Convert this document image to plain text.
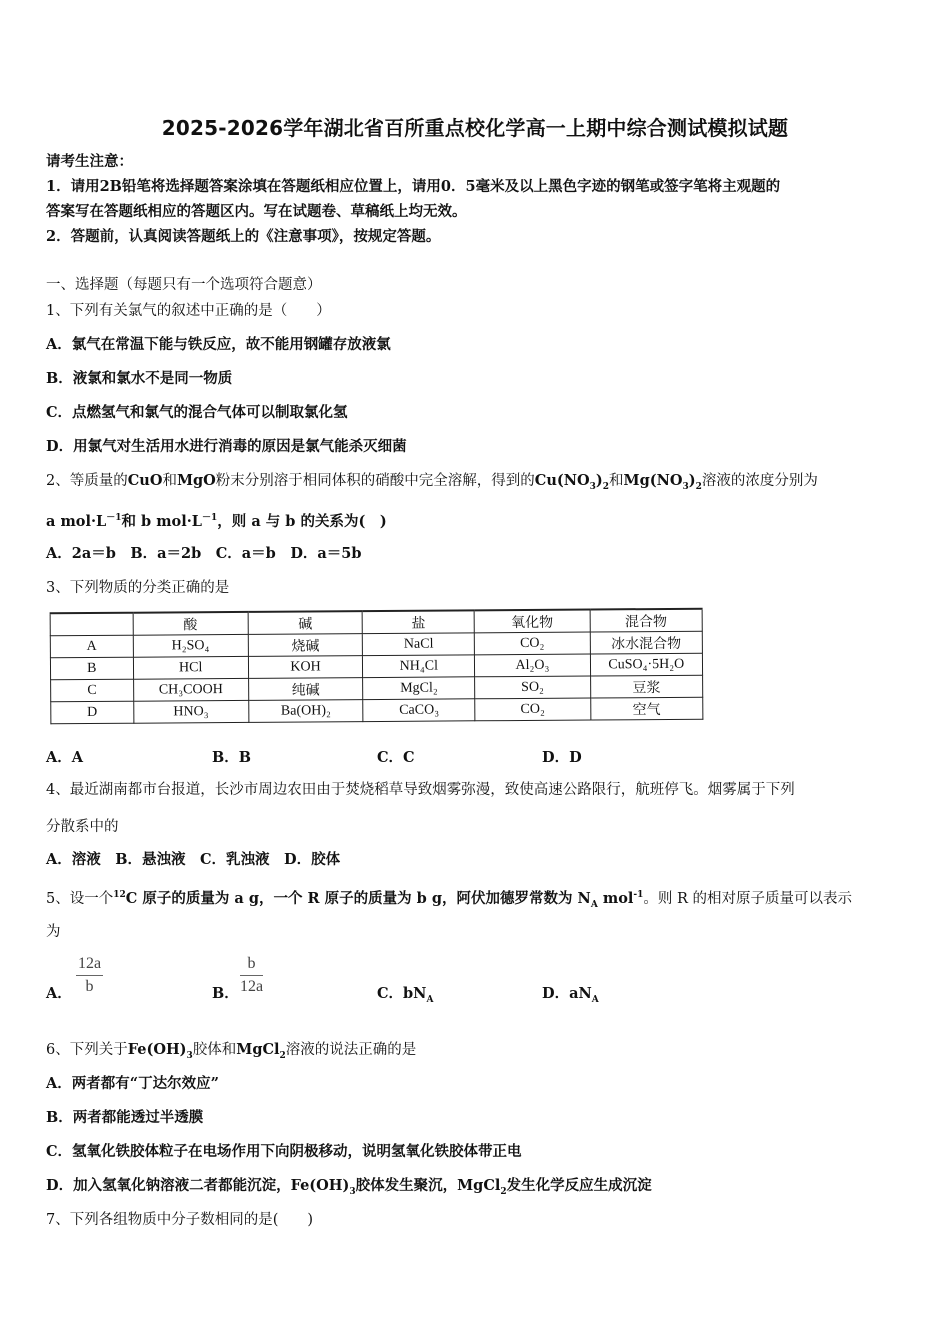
2025-2026学年湖北省百所重点校化学高一上期中综合测试模拟试题
请考生注意：
1．请用2B铅笔将选择题答案涂填在答题纸相应位置上，请用0．5毫米及以上黑色字迹的钢笔或签字笔将主观题的
答案写在答题纸相应的答题区内。写在试题卷、草稿纸上均无效。
2．答题前，认真阅读答题纸上的《注意事项》，按规定答题。
一、选择题（每题只有一个选项符合题意）
1、下列有关氯气的叙述中正确的是（　　）
A．氯气在常温下能与铁反应，故不能用钢罐存放液氯
B．液氯和氯水不是同一物质
C．点燃氢气和氯气的混合气体可以制取氯化氢
D．用氯气对生活用水进行消毒的原因是氯气能杀灭细菌
2、等质量的CuO和MgO粉末分别溶于相同体积的硝酸中完全溶解，得到的$Cu(NO_3)_2$和$Mg(NO_3)_2$溶液的浓度分别为
a $mol\cdot L^{-1}$和 b $mol\cdot L^{-1}$，则 a 与 b 的关系为(　)
A．2a＝b　B．a＝2b　C．a＝b　D．a＝5b
3、下列物质的分类正确的是
	酸	碱	盐	氧化物	混合物
A	H₂SO₄	烧碱	NaCl	CO₂	冰水混合物
B	HCl	KOH	NH₄Cl	Al₂O₃	CuSO₄·5H₂O
C	CH₃COOH	纯碱	MgCl₂	SO₂	豆浆
D	HNO₃	Ba(OH)₂	CaCO₃	CO₂	空气
A．A	B．B	C．C	D．D
4、最近湖南都市台报道，长沙市周边农田由于焚烧稻草导致烟雾弥漫，致使高速公路限行，航班停飞。烟雾属于下列
分散系中的
A．溶液　B．悬浊液　C．乳浊液　D．胶体
5、设一个$^{12}$C 原子的质量为 a g，一个 R 原子的质量为 b g，阿伏加德罗常数为 $N_A$ mol$^{-1}$。则 R 的相对原子质量可以表示
为
A． $\frac{12a}{b}$	B． $\frac{b}{12a}$	C．$bN_A$	D．$aN_A$
6、下列关于$Fe(OH)_3$胶体和MgCl$_2$溶液的说法正确的是
A．两者都有“丁达尔效应”
B．两者都能透过半透膜
C．氢氧化铁胶体粒子在电场作用下向阴极移动，说明氢氧化铁胶体带正电
D．加入氢氧化钠溶液二者都能沉淀，$Fe(OH)_3$胶体发生聚沉，MgCl$_2$发生化学反应生成沉淀
7、下列各组物质中分子数相同的是(　　)
